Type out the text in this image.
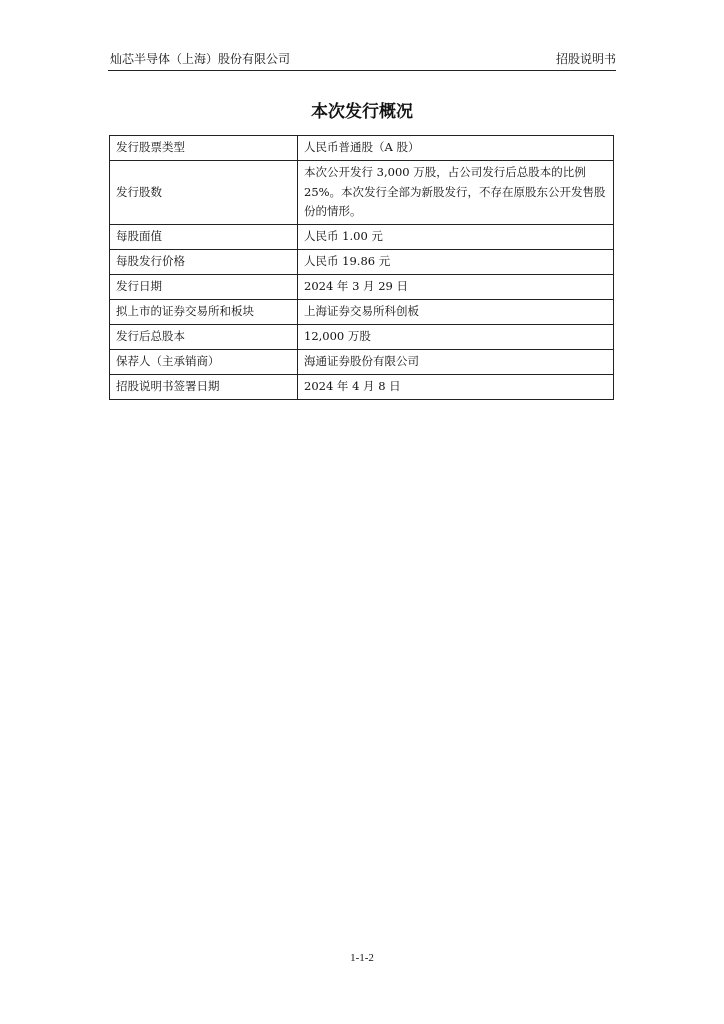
灿芯半导体（上海）股份有限公司	招股说明书
本次发行概况
发行股票类型	人民币普通股（A 股）
发行股数	本次公开发行 3,000 万股，占公司发行后总股本的比例 25%。本次发行全部为新股发行，不存在原股东公开发售股份的情形。
每股面值	人民币 1.00 元
每股发行价格	人民币 19.86 元
发行日期	2024 年 3 月 29 日
拟上市的证券交易所和板块	上海证券交易所科创板
发行后总股本	12,000 万股
保荐人（主承销商）	海通证券股份有限公司
招股说明书签署日期	2024 年 4 月 8 日
1-1-2
